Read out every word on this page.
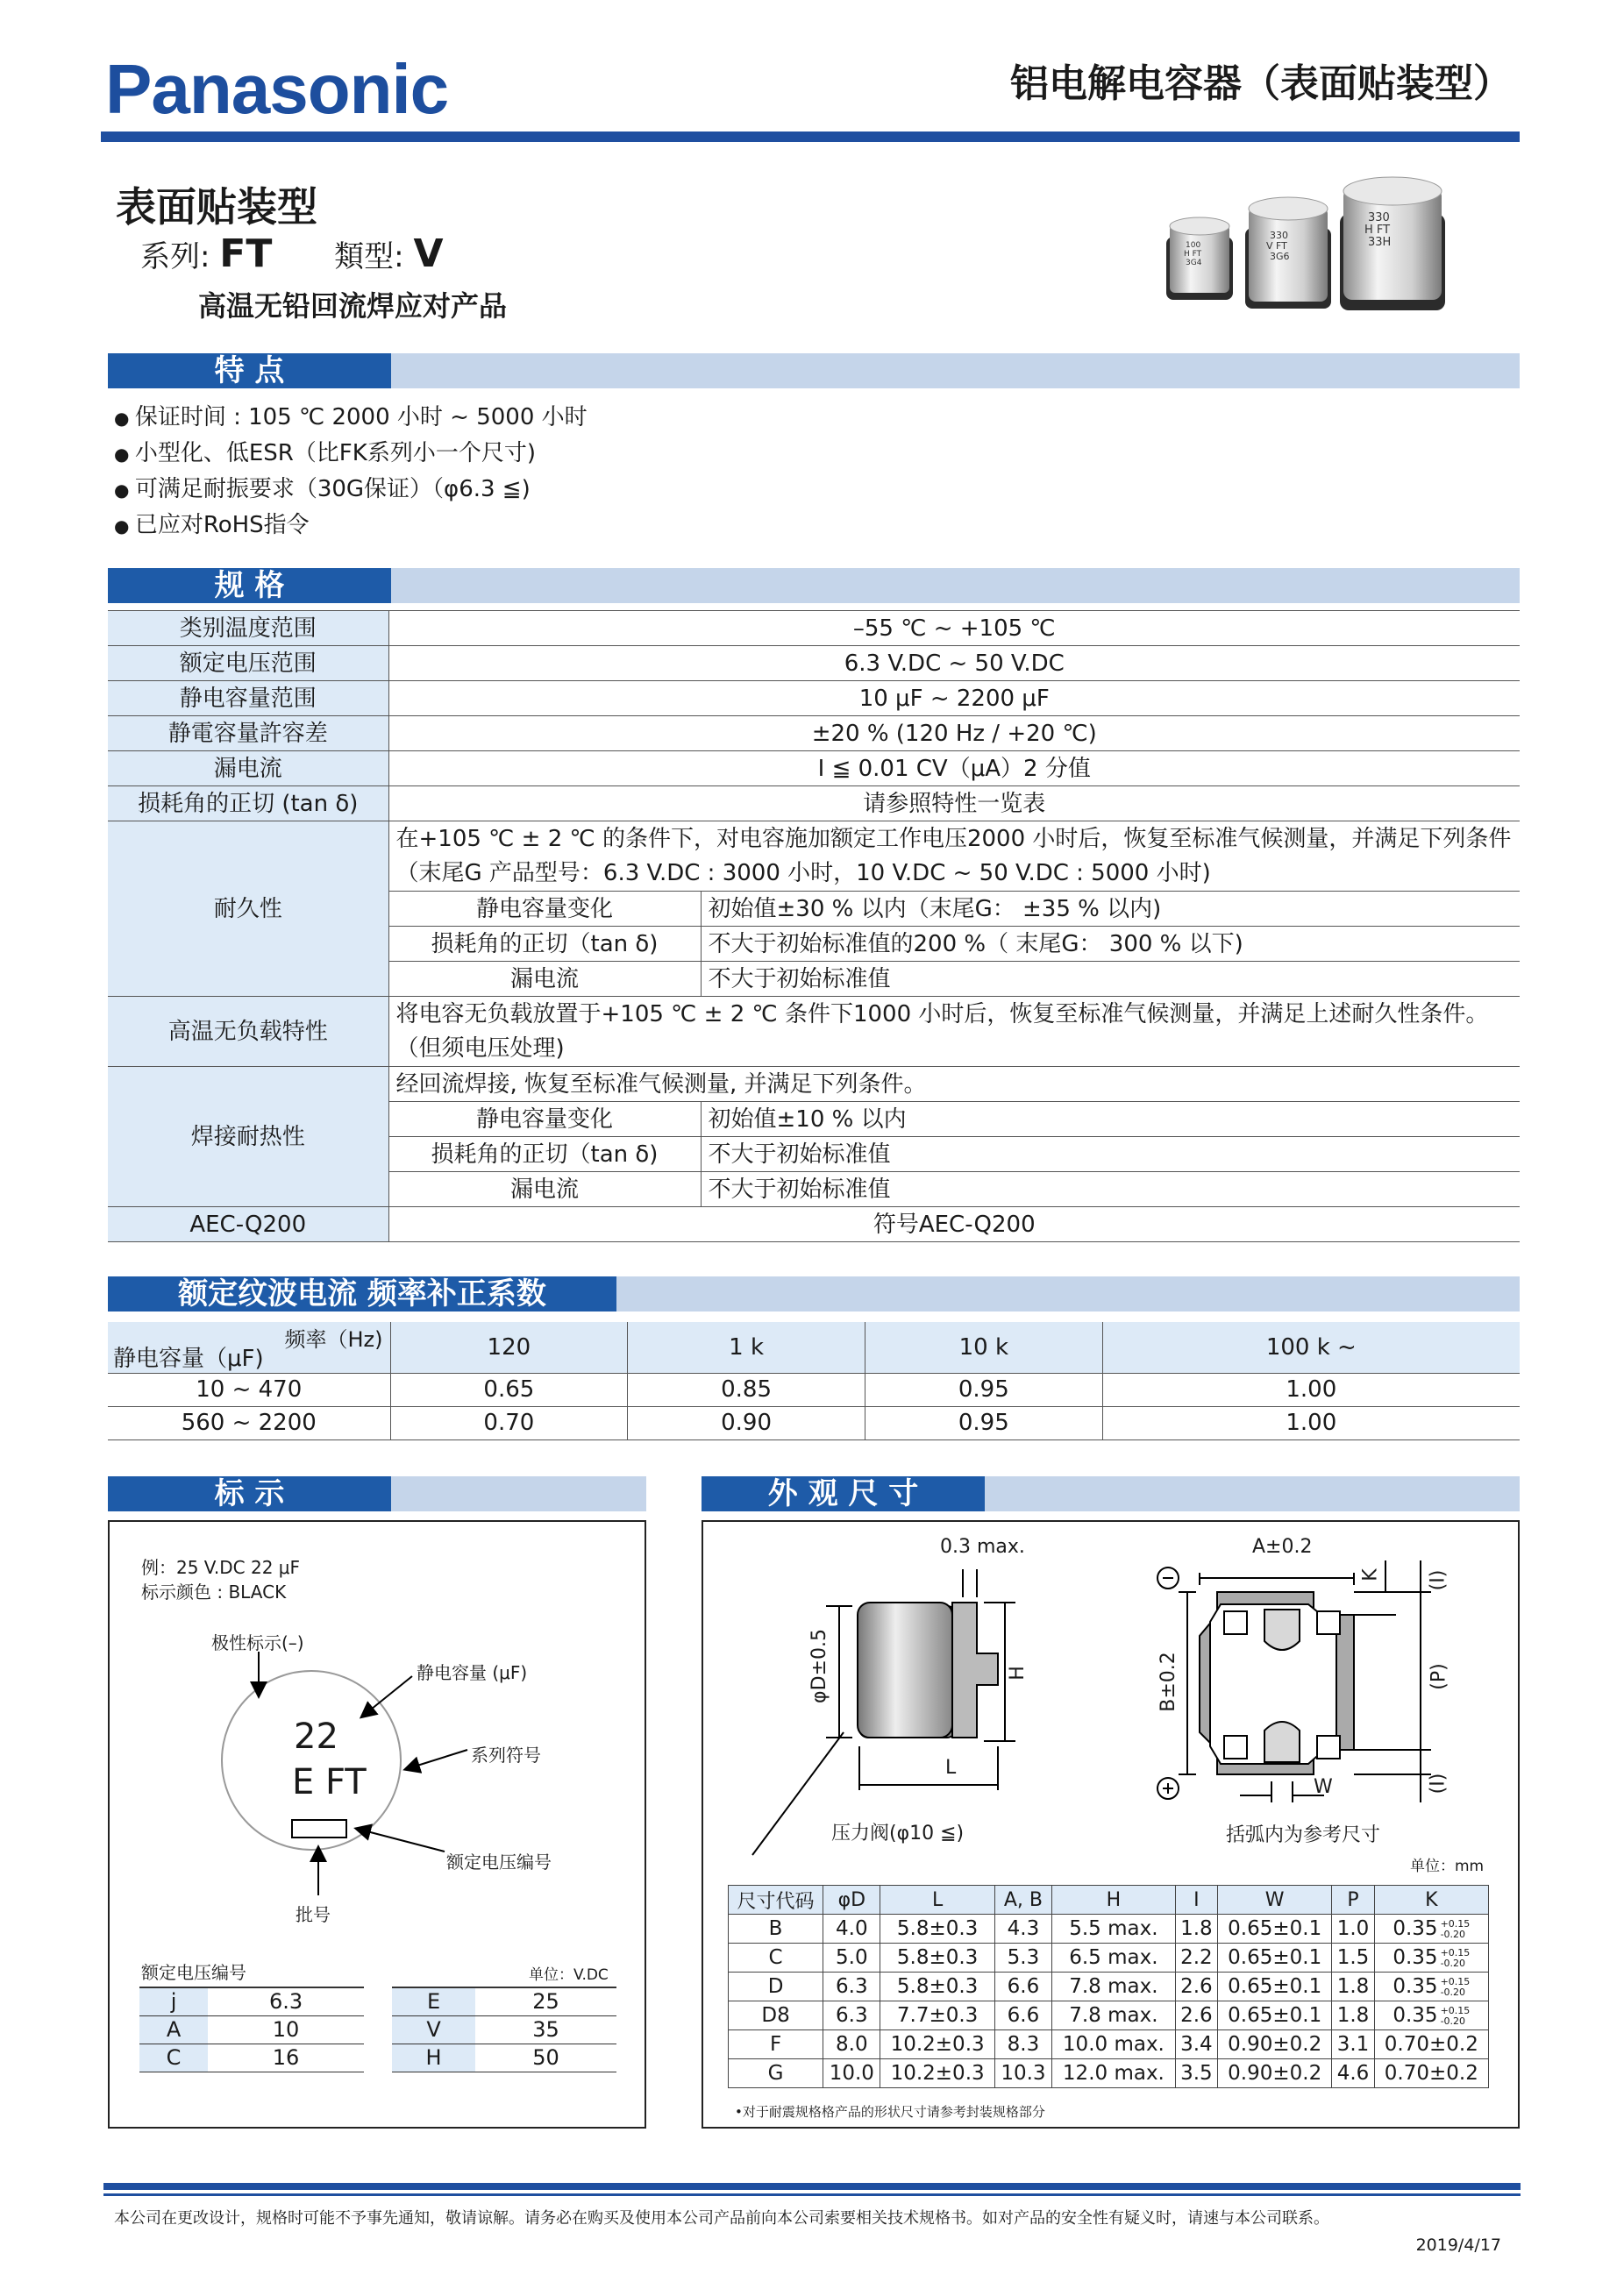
Panasonic	铝电解电容器（表面贴装型）
表面贴装型
系列: FT 類型: V
高温无铅回流焊应对产品
100
H FT
3G4
330
V FT
3G6
330
H FT
33H
特 点
● 保证时间 : 105 ℃ 2000 小时 ~ 5000 小时
● 小型化、低ESR（比FK系列小一个尺寸)
● 可满足耐振要求（30G保证）（φ6.3 ≦)
● 已应对RoHS指令
规 格
类别温度范围	–55 ℃ ~ +105 ℃	
额定电压范围	6.3 V.DC ~ 50 V.DC	
静电容量范围	10 μF ~ 2200 μF	
静電容量許容差	±20 % (120 Hz / +20 ℃)	
漏电流	I ≦ 0.01 CV（μA）2 分值	
损耗角的正切 (tan δ)	请参照特性一览表	
耐久性	在+105 ℃ ± 2 ℃ 的条件下，对电容施加额定工作电压2000 小时后，恢复至标准气候测量，并满足下列条件	
	（末尾G 产品型号：6.3 V.DC : 3000 小时，10 V.DC ~ 50 V.DC : 5000 小时)	
	静电容量变化	初始值±30 % 以内（末尾G： ±35 % 以内)
	损耗角的正切（tan δ)	不大于初始标准值的200 %（ 末尾G： 300 % 以下)
	漏电流	不大于初始标准值
高温无负载特性	将电容无负载放置于+105 ℃ ± 2 ℃ 条件下1000 小时后，恢复至标准气候测量，并满足上述耐久性条件。	
	（但须电压处理)	
焊接耐热性	经回流焊接, 恢复至标准气候测量, 并满足下列条件。	
	静电容量变化	初始值±10 % 以内
	损耗角的正切（tan δ)	不大于初始标准值
	漏电流	不大于初始标准值
AEC-Q200	符号AEC-Q200	
额定纹波电流 频率补正系数
频率（Hz)
静电容量（μF)	120	1 k	10 k	100 k ~
10 ~ 470	0.65	0.85	0.95	1.00
560 ~ 2200	0.70	0.90	0.95	1.00
标 示
例：25 V.DC 22 μF
标示颜色 : BLACK
极性标示(–)
静电容量 (μF)
系列符号
额定电压编号
批号
22
E FT
额定电压编号	单位：V.DC
j	6.3
A	10
C	16
E	25
V	35
H	50
外 观 尺 寸
0.3 max.
φD±0.5	H
L
A±0.2
B±0.2
K (I)
(P)
(I)
W
压力阀(φ10 ≦)	括弧内为参考尺寸
单位：mm
•对于耐震规格格产品的形状尺寸请参考封装规格部分
尺寸代码	φD	L	A, B	H	I	W	P	K
B	4.0	5.8±0.3	4.3	5.5 max.	1.8	0.65±0.1	1.0	0.35 +0.15
-0.20
C	5.0	5.8±0.3	5.3	6.5 max.	2.2	0.65±0.1	1.5	0.35 +0.15
-0.20
D	6.3	5.8±0.3	6.6	7.8 max.	2.6	0.65±0.1	1.8	0.35 +0.15
-0.20
D8	6.3	7.7±0.3	6.6	7.8 max.	2.6	0.65±0.1	1.8	0.35 +0.15
-0.20
F	8.0	10.2±0.3	8.3	10.0 max.	3.4	0.90±0.2	3.1	0.70±0.2
G	10.0	10.2±0.3	10.3	12.0 max.	3.5	0.90±0.2	4.6	0.70±0.2
本公司在更改设计，规格时可能不予事先通知，敬请谅解。请务必在购买及使用本公司产品前向本公司索要相关技术规格书。如对产品的安全性有疑义时，请速与本公司联系。
2019/4/17
